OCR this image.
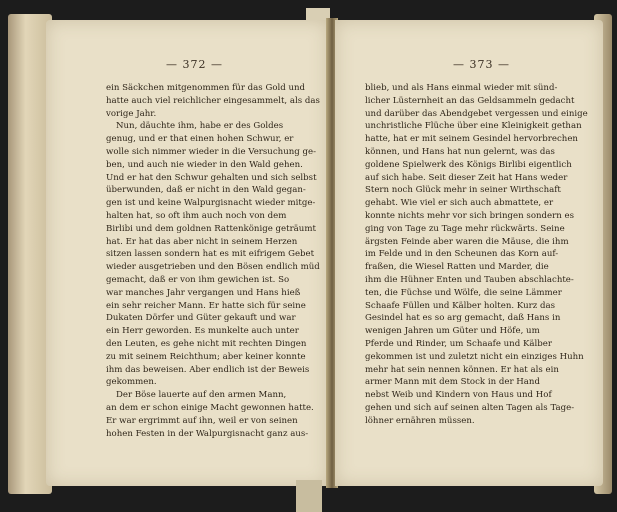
— 372 —
ein Säckchen mitgenommen für das Gold und
hatte auch viel reichlicher eingesammelt, als das
vorige Jahr.
Nun, däuchte ihm, habe er des Goldes
genug, und er that einen hohen Schwur, er
wolle sich nimmer wieder in die Versuchung ge-
ben, und auch nie wieder in den Wald gehen.
Und er hat den Schwur gehalten und sich selbst
überwunden, daß er nicht in den Wald gegan-
gen ist und keine Walpurgisnacht wieder mitge-
halten hat, so oft ihm auch noch von dem
Birlibi und dem goldnen Rattenkönige geträumt
hat. Er hat das aber nicht in seinem Herzen
sitzen lassen sondern hat es mit eifrigem Gebet
wieder ausgetrieben und den Bösen endlich müd
gemacht, daß er von ihm gewichen ist. So
war manches Jahr vergangen und Hans hieß
ein sehr reicher Mann. Er hatte sich für seine
Dukaten Dörfer und Güter gekauft und war
ein Herr geworden. Es munkelte auch unter
den Leuten, es gehe nicht mit rechten Dingen
zu mit seinem Reichthum; aber keiner konnte
ihm das beweisen. Aber endlich ist der Beweis
gekommen.
Der Böse lauerte auf den armen Mann,
an dem er schon einige Macht gewonnen hatte.
Er war ergrimmt auf ihn, weil er von seinen
hohen Festen in der Walpurgisnacht ganz aus-
— 373 —
blieb, und als Hans einmal wieder mit sünd-
licher Lüsternheit an das Geldsammeln gedacht
und darüber das Abendgebet vergessen und einige
unchristliche Flüche über eine Kleinigkeit gethan
hatte, hat er mit seinem Gesindel hervorbrechen
können, und Hans hat nun gelernt, was das
goldene Spielwerk des Königs Birlibi eigentlich
auf sich habe. Seit dieser Zeit hat Hans weder
Stern noch Glück mehr in seiner Wirthschaft
gehabt. Wie viel er sich auch abmattete, er
konnte nichts mehr vor sich bringen sondern es
ging von Tage zu Tage mehr rückwärts. Seine
ärgsten Feinde aber waren die Mäuse, die ihm
im Felde und in den Scheunen das Korn auf-
fraßen, die Wiesel Ratten und Marder, die
ihm die Hühner Enten und Tauben abschlachte-
ten, die Füchse und Wölfe, die seine Lämmer
Schaafe Füllen und Kälber holten. Kurz das
Gesindel hat es so arg gemacht, daß Hans in
wenigen Jahren um Güter und Höfe, um
Pferde und Rinder, um Schaafe und Kälber
gekommen ist und zuletzt nicht ein einziges Huhn
mehr hat sein nennen können. Er hat als ein
armer Mann mit dem Stock in der Hand
nebst Weib und Kindern von Haus und Hof
gehen und sich auf seinen alten Tagen als Tage-
löhner ernähren müssen.
